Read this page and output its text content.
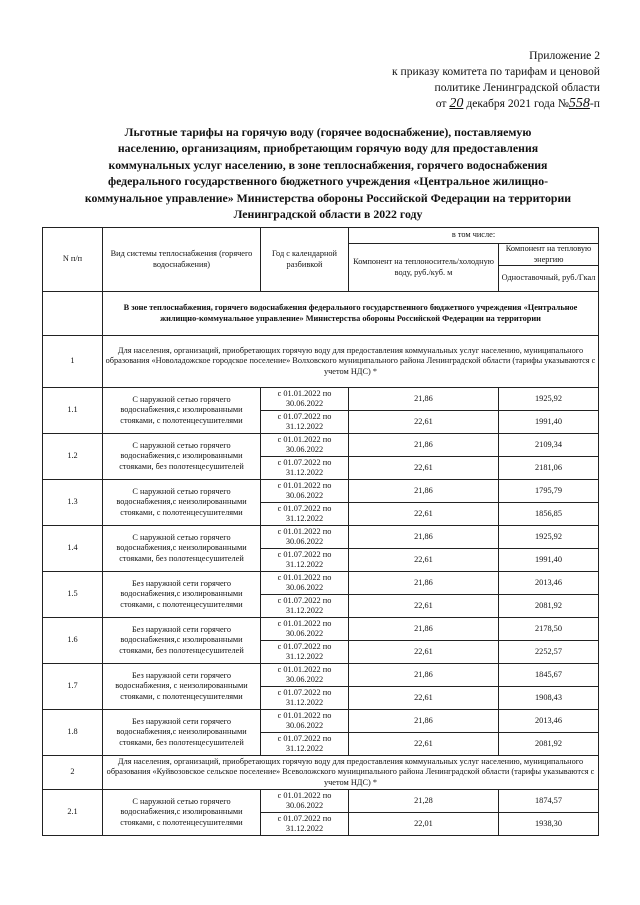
Приложение 2
к приказу комитета по тарифам и ценовой
политике Ленинградской области
от 20 декабря 2021 года №558-п
Льготные тарифы на горячую воду (горячее водоснабжение), поставляемую
населению, организациям, приобретающим горячую воду для предоставления
коммунальных услуг населению, в зоне теплоснабжения, горячего водоснабжения
федерального государственного бюджетного учреждения «Центральное жилищно-
коммунальное управление» Министерства обороны Российской Федерации на территории
Ленинградской области в 2022 году
N п/п	Вид системы теплоснабжения (горячего водоснабжения)	Год с календарной разбивкой	в том числе:	
			Компонент на теплоноситель/холодную воду, руб./куб. м	Компонент на тепловую энергию
				Одноставочный, руб./Гкал
	В зоне теплоснабжения, горячего водоснабжения федерального государственного бюджетного учреждения «Центральное жилищно-коммунальное управление» Министерства обороны Российской Федерации на территории			
1	Для населения, организаций, приобретающих горячую воду для предоставления коммунальных услуг населению, муниципального образования «Новоладожское городское поселение» Волховского муниципального района Ленинградской области (тарифы указываются с учетом НДС) *			
1.1	С наружной сетью горячего водоснабжения,с изолированными стояками, с полотенцесушителями	с 01.01.2022 по 30.06.2022	21,86	1925,92
		с 01.07.2022 по 31.12.2022	22,61	1991,40
1.2	С наружной сетью горячего водоснабжения,с изолированными стояками, без полотенцесушителей	с 01.01.2022 по 30.06.2022	21,86	2109,34
		с 01.07.2022 по 31.12.2022	22,61	2181,06
1.3	С наружной сетью горячего водоснабжения,с неизолированными стояками, с полотенцесушителями	с 01.01.2022 по 30.06.2022	21,86	1795,79
		с 01.07.2022 по 31.12.2022	22,61	1856,85
1.4	С наружной сетью горячего водоснабжения,с неизолированными стояками, без полотенцесушителей	с 01.01.2022 по 30.06.2022	21,86	1925,92
		с 01.07.2022 по 31.12.2022	22,61	1991,40
1.5	Без наружной сети горячего водоснабжения,с изолированными стояками, с полотенцесушителями	с 01.01.2022 по 30.06.2022	21,86	2013,46
		с 01.07.2022 по 31.12.2022	22,61	2081,92
1.6	Без наружной сети горячего водоснабжения,с изолированными стояками, без полотенцесушителей	с 01.01.2022 по 30.06.2022	21,86	2178,50
		с 01.07.2022 по 31.12.2022	22,61	2252,57
1.7	Без наружной сети горячего водоснабжения, с неизолированными стояками, с полотенцесушителями	с 01.01.2022 по 30.06.2022	21,86	1845,67
		с 01.07.2022 по 31.12.2022	22,61	1908,43
1.8	Без наружной сети горячего водоснабжения,с неизолированными стояками, без полотенцесушителей	с 01.01.2022 по 30.06.2022	21,86	2013,46
		с 01.07.2022 по 31.12.2022	22,61	2081,92
2	Для населения, организаций, приобретающих горячую воду для предоставления коммунальных услуг населению, муниципального образования «Куйвозовское сельское поселение» Всеволожского муниципального района Ленинградской области (тарифы указываются с учетом НДС) *			
2.1	С наружной сетью горячего водоснабжения,с изолированными стояками, с полотенцесушителями	с 01.01.2022 по 30.06.2022	21,28	1874,57
		с 01.07.2022 по 31.12.2022	22,01	1938,30
